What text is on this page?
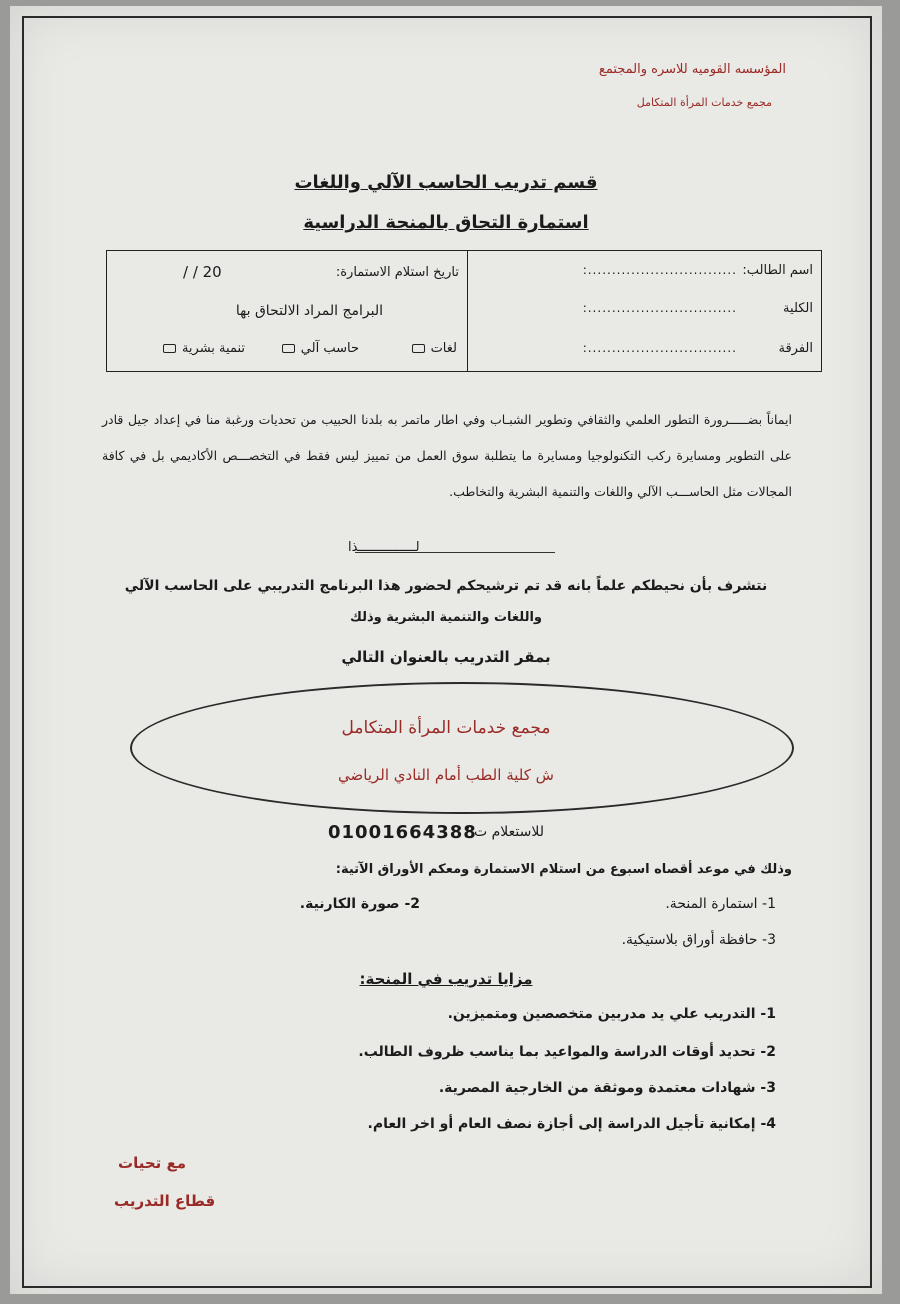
المؤسسه القوميه للاسره والمجتمع
مجمع خدمات المرأة المتكامل
قسم تدريب الحاسب الآلي واللغات
استمارة التحاق بالمنحة الدراسية
اسم الطالب:
...............................:
الكلية
...............................:
الفرقة
...............................:
تاريخ استلام الاستمارة:
/ / 20
البرامج المراد الالتحاق بها
لغات
حاسب آلي
تنمية بشرية
ايماناً بضـــــرورة التطور العلمي والثقافي وتطوير الشبـاب وفي اطار ماتمر به بلدنا الحبيب من تحديات ورغبة منا في إعداد جيل قادر على التطوير ومسايرة ركب التكنولوجيا ومسايرة ما يتطلبة سوق العمل من تمييز ليس فقط في التخصـــص الأكاديمي بل في كافة المجالات مثل الحاســـب الآلي واللغات والتنمية البشرية والتخاطب.
لـــــــــــــــذا
نتشرف بأن نحيطكم علماً بانه قد تم ترشيحكم لحضور هذا البرنامج التدريبي على الحاسب الآلي
واللغات والتنمية البشرية وذلك
بمقر التدريب بالعنوان التالي
مجمع خدمات المرأة المتكامل
ش كلية الطب أمام النادي الرياضي
للاستعلام ت /
01001664388
وذلك في موعد أقصاه اسبوع من استلام الاستمارة ومعكم الأوراق الآتية:
1- استمارة المنحة.
2- صورة الكارنية.
3- حافظة أوراق بلاستيكية.
مزايا تدريب في المنحة:
1- التدريب علي يد مدربين متخصصين ومتميزين.
2- تحديد أوقات الدراسة والمواعيد بما يناسب ظروف الطالب.
3- شهادات معتمدة وموثقة من الخارجية المصرية.
4- إمكانية تأجيل الدراسة إلى أجازة نصف العام أو اخر العام.
مع تحيات
قطاع التدريب
